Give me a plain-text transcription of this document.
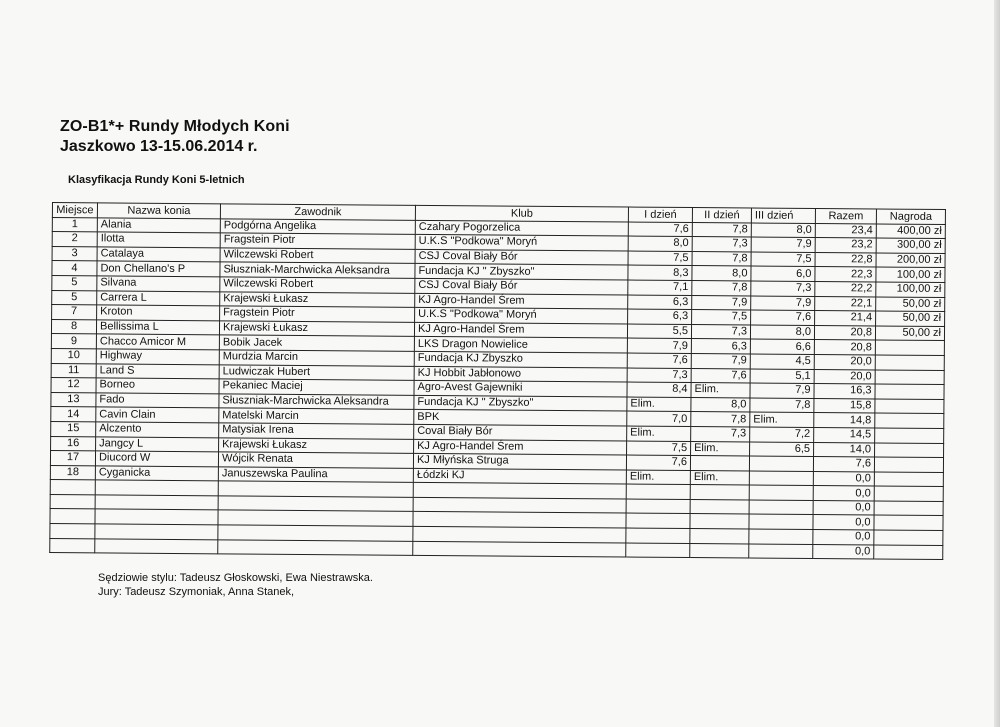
ZO-B1*+ Rundy Młodych Koni
Jaszkowo 13-15.06.2014 r.
Klasyfikacja Rundy Koni 5-letnich
Miejsce	Nazwa konia	Zawodnik	Klub	I dzień	II dzień	III dzień	Razem	Nagroda
1	Alania	Podgórna Angelika	Czahary Pogorzelica	7,6	7,8	8,0	23,4	400,00 zł
2	Ilotta	Fragstein Piotr	U.K.S "Podkowa" Moryń	8,0	7,3	7,9	23,2	300,00 zł
3	Catalaya	Wilczewski Robert	CSJ Coval Biały Bór	7,5	7,8	7,5	22,8	200,00 zł
4	Don Chellano's P	Słuszniak-Marchwicka Aleksandra	Fundacja KJ " Zbyszko"	8,3	8,0	6,0	22,3	100,00 zł
5	Silvana	Wilczewski Robert	CSJ Coval Biały Bór	7,1	7,8	7,3	22,2	100,00 zł
5	Carrera L	Krajewski Łukasz	KJ Agro-Handel Śrem	6,3	7,9	7,9	22,1	50,00 zł
7	Kroton	Fragstein Piotr	U.K.S "Podkowa" Moryń	6,3	7,5	7,6	21,4	50,00 zł
8	Bellissima L	Krajewski Łukasz	KJ Agro-Handel Śrem	5,5	7,3	8,0	20,8	50,00 zł
9	Chacco Amicor M	Bobik Jacek	LKS Dragon Nowielice	7,9	6,3	6,6	20,8	
10	Highway	Murdzia Marcin	Fundacja KJ Zbyszko	7,6	7,9	4,5	20,0	
11	Land S	Ludwiczak Hubert	KJ Hobbit Jabłonowo	7,3	7,6	5,1	20,0	
12	Borneo	Pekaniec Maciej	Agro-Avest Gajewniki	8,4	Elim.	7,9	16,3	
13	Fado	Słuszniak-Marchwicka Aleksandra	Fundacja KJ " Zbyszko"	Elim.	8,0	7,8	15,8	
14	Cavin Clain	Matelski Marcin	BPK	7,0	7,8	Elim.	14,8	
15	Alczento	Matysiak Irena	Coval Biały Bór	Elim.	7,3	7,2	14,5	
16	Jangcy L	Krajewski Łukasz	KJ Agro-Handel Śrem	7,5	Elim.	6,5	14,0	
17	Diucord W	Wójcik Renata	KJ Młyńska Struga	7,6			7,6	
18	Cyganicka	Januszewska Paulina	Łódzki KJ	Elim.	Elim.		0,0	
							0,0	
							0,0	
							0,0	
							0,0	
							0,0	
Sędziowie stylu: Tadeusz Głoskowski, Ewa Niestrawska.
Jury: Tadeusz Szymoniak, Anna Stanek,
